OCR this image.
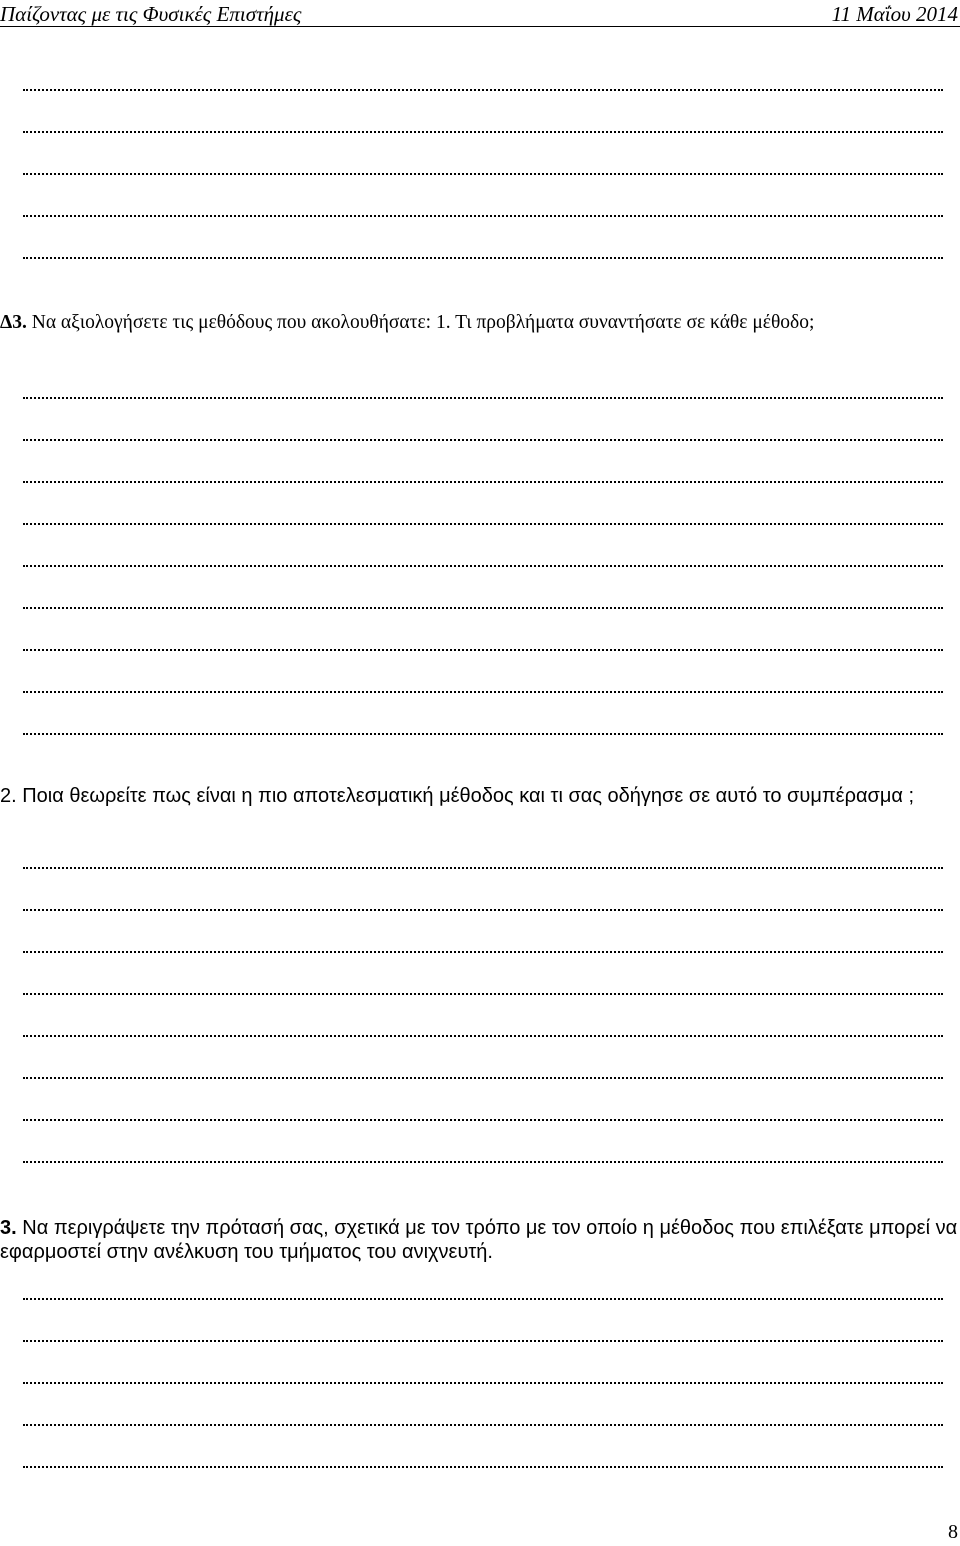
Παίζοντας με τις Φυσικές Επιστήμες	11 Μαΐου 2014
Δ3. Να αξιολογήσετε τις μεθόδους που ακολουθήσατε: 1. Τι προβλήματα συναντήσατε σε κάθε μέθοδο;
2. Ποια θεωρείτε πως είναι η πιο αποτελεσματική μέθοδος και τι σας οδήγησε σε αυτό το συμπέρασμα ;
3. Να περιγράψετε την πρότασή σας, σχετικά με τον τρόπο με τον οποίο η μέθοδος που επιλέξατε μπορεί να εφαρμοστεί στην ανέλκυση του τμήματος του ανιχνευτή.
8
